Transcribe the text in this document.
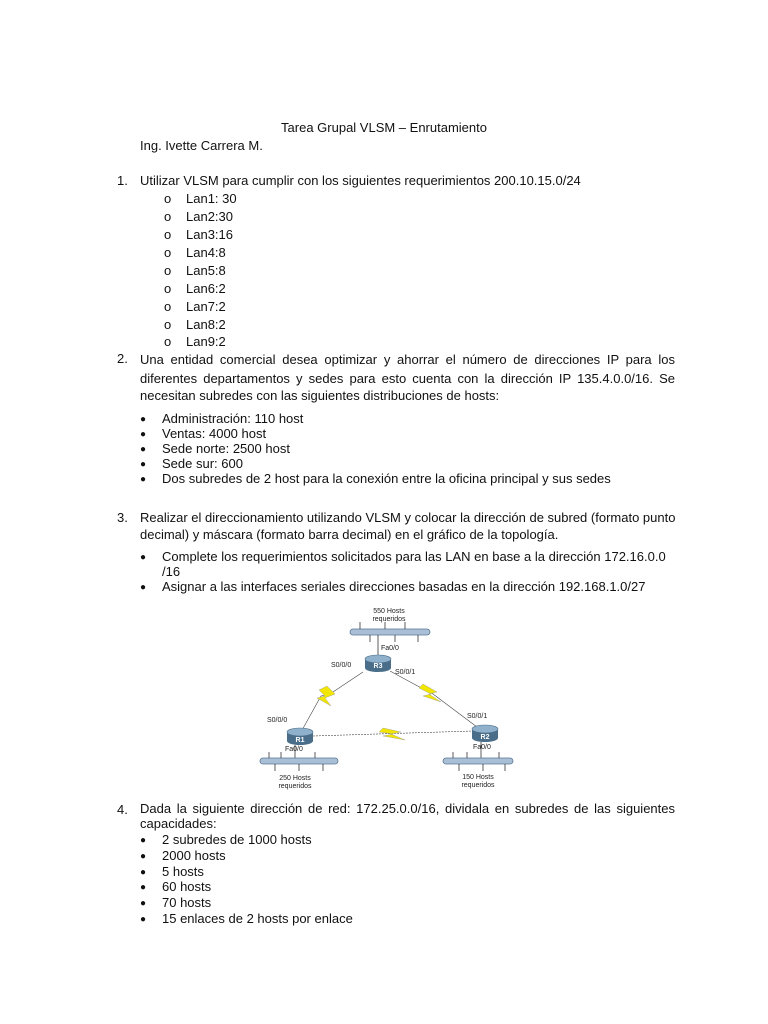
Tarea Grupal VLSM – Enrutamiento
Ing. Ivette Carrera M.
1. Utilizar VLSM para cumplir con los siguientes requerimientos 200.10.15.0/24
o Lan1: 30
o Lan2:30
o Lan3:16
o Lan4:8
o Lan5:8
o Lan6:2
o Lan7:2
o Lan8:2
o Lan9:2
2. Una entidad comercial desea optimizar y ahorrar el número de direcciones IP para los
diferentes departamentos y sedes para esto cuenta con la dirección IP 135.4.0.0/16. Se
necesitan subredes con las siguientes distribuciones de hosts:
● Administración: 110 host
● Ventas: 4000 host
● Sede norte: 2500 host
● Sede sur: 600
● Dos subredes de 2 host para la conexión entre la oficina principal y sus sedes
3. Realizar el direccionamiento utilizando VLSM y colocar la dirección de subred (formato punto
decimal) y máscara (formato barra decimal) en el gráfico de la topología.
● Complete los requerimientos solicitados para las LAN en base a la dirección 172.16.0.0
/16
● Asignar a las interfaces seriales direcciones basadas en la dirección 192.168.1.0/27
550 Hosts
requeridos
Fa0/0
R3
S0/0/0
S0/0/1
S0/0/0
R1
Fa0/0
250 Hosts
requeridos
S0/0/1
R2
Fa0/0
150 Hosts
requeridos
4. Dada la siguiente dirección de red: 172.25.0.0/16, dividala en subredes de las siguientes
capacidades:
● 2 subredes de 1000 hosts
● 2000 hosts
● 5 hosts
● 60 hosts
● 70 hosts
● 15 enlaces de 2 hosts por enlace
